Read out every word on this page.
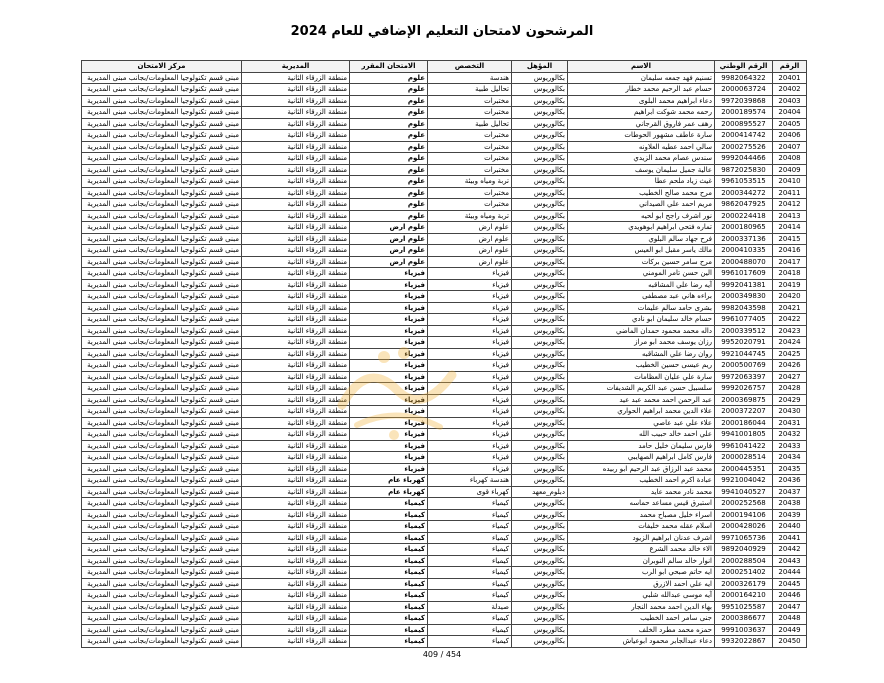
المرشحون لامتحان التعليم الإضافي للعام 2024
الرقم	الرقم الوطني	الاسم	المؤهل	التخصص	الامتحان المقرر	المديرية	مركز الامتحان
20401	9982064322	تسنيم فهد جمعه سليمان	بكالوريوس	هندسة	علوم	منطقة الزرقاء الثانية	مبنى قسم تكنولوجيا المعلومات/بجانب مبنى المديرية
20402	2000063724	حسام عبد الرحيم محمد خطار	بكالوريوس	تحاليل طبية	علوم	منطقة الزرقاء الثانية	مبنى قسم تكنولوجيا المعلومات/بجانب مبنى المديرية
20403	9972039868	دعاء ابراهيم محمد البلوى	بكالوريوس	مختبرات	علوم	منطقة الزرقاء الثانية	مبنى قسم تكنولوجيا المعلومات/بجانب مبنى المديرية
20404	2000189574	رحمه محمد شوكت ابراهيم	بكالوريوس	مختبرات	علوم	منطقة الزرقاء الثانية	مبنى قسم تكنولوجيا المعلومات/بجانب مبنى المديرية
20405	2000895527	رهف عمر فاروق القرجاني	بكالوريوس	تحاليل طبية	علوم	منطقة الزرقاء الثانية	مبنى قسم تكنولوجيا المعلومات/بجانب مبنى المديرية
20406	2000414742	سارة عاطف مشهور الحوطات	بكالوريوس	مختبرات	علوم	منطقة الزرقاء الثانية	مبنى قسم تكنولوجيا المعلومات/بجانب مبنى المديرية
20407	2000275526	سالي احمد عطيه العلاونه	بكالوريوس	مختبرات	علوم	منطقة الزرقاء الثانية	مبنى قسم تكنولوجيا المعلومات/بجانب مبنى المديرية
20408	9992044466	سندس عصام محمد الزيدي	بكالوريوس	مختبرات	علوم	منطقة الزرقاء الثانية	مبنى قسم تكنولوجيا المعلومات/بجانب مبنى المديرية
20409	9872025830	عالية جميل سليمان يوسف	بكالوريوس	مختبرات	علوم	منطقة الزرقاء الثانية	مبنى قسم تكنولوجيا المعلومات/بجانب مبنى المديرية
20410	9961053515	غيث زياد ملحم عطا	بكالوريوس	تربة ومياه وبيئة	علوم	منطقة الزرقاء الثانية	مبنى قسم تكنولوجيا المعلومات/بجانب مبنى المديرية
20411	2000344272	مرح محمد صالح الخطيب	بكالوريوس	مختبرات	علوم	منطقة الزرقاء الثانية	مبنى قسم تكنولوجيا المعلومات/بجانب مبنى المديرية
20412	9862047925	مريم احمد علي الصيداني	بكالوريوس	مختبرات	علوم	منطقة الزرقاء الثانية	مبنى قسم تكنولوجيا المعلومات/بجانب مبنى المديرية
20413	2000224418	نور اشرف راجح ابو لحيه	بكالوريوس	تربة ومياه وبيئة	علوم	منطقة الزرقاء الثانية	مبنى قسم تكنولوجيا المعلومات/بجانب مبنى المديرية
20414	2000180965	تماره فتحي ابراهيم ابوهويدي	بكالوريوس	علوم ارض	علوم ارض	منطقة الزرقاء الثانية	مبنى قسم تكنولوجيا المعلومات/بجانب مبنى المديرية
20415	2000337136	فرح جهاد سالم البلوي	بكالوريوس	علوم ارض	علوم ارض	منطقة الزرقاء الثانية	مبنى قسم تكنولوجيا المعلومات/بجانب مبنى المديرية
20416	2000410335	مالك ياسر مقبل ابو العيس	بكالوريوس	علوم ارض	علوم ارض	منطقة الزرقاء الثانية	مبنى قسم تكنولوجيا المعلومات/بجانب مبنى المديرية
20417	2000488070	مرح سامر حسين بركات	بكالوريوس	علوم ارض	علوم ارض	منطقة الزرقاء الثانية	مبنى قسم تكنولوجيا المعلومات/بجانب مبنى المديرية
20418	9961017609	الين حسن تامر المومني	بكالوريوس	فيزياء	فيزياء	منطقة الزرقاء الثانية	مبنى قسم تكنولوجيا المعلومات/بجانب مبنى المديرية
20419	9992041381	آيه رضا علي المشاقبه	بكالوريوس	فيزياء	فيزياء	منطقة الزرقاء الثانية	مبنى قسم تكنولوجيا المعلومات/بجانب مبنى المديرية
20420	2000349830	براءه هاني عبد مصطفى	بكالوريوس	فيزياء	فيزياء	منطقة الزرقاء الثانية	مبنى قسم تكنولوجيا المعلومات/بجانب مبنى المديرية
20421	9982043598	بشرى حامد سالم عليمات	بكالوريوس	فيزياء	فيزياء	منطقة الزرقاء الثانية	مبنى قسم تكنولوجيا المعلومات/بجانب مبنى المديرية
20422	9961077405	حسام خالد سليمان ابو نادي	بكالوريوس	فيزياء	فيزياء	منطقة الزرقاء الثانية	مبنى قسم تكنولوجيا المعلومات/بجانب مبنى المديرية
20423	2000339512	داله محمد محمود حمدان الماضي	بكالوريوس	فيزياء	فيزياء	منطقة الزرقاء الثانية	مبنى قسم تكنولوجيا المعلومات/بجانب مبنى المديرية
20424	9952020791	رزان يوسف محمد ابو مراز	بكالوريوس	فيزياء	فيزياء	منطقة الزرقاء الثانية	مبنى قسم تكنولوجيا المعلومات/بجانب مبنى المديرية
20425	9921044745	روان رضا علي المشاقبه	بكالوريوس	فيزياء	فيزياء	منطقة الزرقاء الثانية	مبنى قسم تكنولوجيا المعلومات/بجانب مبنى المديرية
20426	2000500769	ريم عيسى حسين الخطيب	بكالوريوس	فيزياء	فيزياء	منطقة الزرقاء الثانية	مبنى قسم تكنولوجيا المعلومات/بجانب مبنى المديرية
20427	9972063397	سارة علي عليان العظامات	بكالوريوس	فيزياء	فيزياء	منطقة الزرقاء الثانية	مبنى قسم تكنولوجيا المعلومات/بجانب مبنى المديرية
20428	9992026757	سلسبيل حسن عبد الكريم الشديفات	بكالوريوس	فيزياء	فيزياء	منطقة الزرقاء الثانية	مبنى قسم تكنولوجيا المعلومات/بجانب مبنى المديرية
20429	2000369875	عبد الرحمن احمد محمد عبد عيد	بكالوريوس	فيزياء	فيزياء	منطقة الزرقاء الثانية	مبنى قسم تكنولوجيا المعلومات/بجانب مبنى المديرية
20430	2000372207	علاء الدين محمد ابراهيم الحواري	بكالوريوس	فيزياء	فيزياء	منطقة الزرقاء الثانية	مبنى قسم تكنولوجيا المعلومات/بجانب مبنى المديرية
20431	2000186044	علاء علي عبد عاصي	بكالوريوس	فيزياء	فيزياء	منطقة الزرقاء الثانية	مبنى قسم تكنولوجيا المعلومات/بجانب مبنى المديرية
20432	9941001805	علي احمد خالد حبيب الله	بكالوريوس	فيزياء	فيزياء	منطقة الزرقاء الثانية	مبنى قسم تكنولوجيا المعلومات/بجانب مبنى المديرية
20433	9961041422	فارس سليمان خليل حامد	بكالوريوس	فيزياء	فيزياء	منطقة الزرقاء الثانية	مبنى قسم تكنولوجيا المعلومات/بجانب مبنى المديرية
20434	2000028514	فارس كامل ابراهيم الصهايبي	بكالوريوس	فيزياء	فيزياء	منطقة الزرقاء الثانية	مبنى قسم تكنولوجيا المعلومات/بجانب مبنى المديرية
20435	2000445351	محمد عبد الرزاق عبد الرحيم ابو ربيده	بكالوريوس	فيزياء	فيزياء	منطقة الزرقاء الثانية	مبنى قسم تكنولوجيا المعلومات/بجانب مبنى المديرية
20436	9921004042	عبادة اكرم احمد الخطيب	بكالوريوس	هندسة كهرباء	كهرباء عام	منطقة الزرقاء الثانية	مبنى قسم تكنولوجيا المعلومات/بجانب مبنى المديرية
20437	9941040527	محمد نادر محمد عايد	دبلوم_معهد	كهرباء قوى	كهرباء عام	منطقة الزرقاء الثانية	مبنى قسم تكنولوجيا المعلومات/بجانب مبنى المديرية
20438	2000252568	استبرق قيس مساعد حماسه	بكالوريوس	كيمياء	كيمياء	منطقة الزرقاء الثانية	مبنى قسم تكنولوجيا المعلومات/بجانب مبنى المديرية
20439	2000194106	اسراء خليل مصباح محمد	بكالوريوس	كيمياء	كيمياء	منطقة الزرقاء الثانية	مبنى قسم تكنولوجيا المعلومات/بجانب مبنى المديرية
20440	2000428026	اسلام عقله محمد خليفات	بكالوريوس	كيمياء	كيمياء	منطقة الزرقاء الثانية	مبنى قسم تكنولوجيا المعلومات/بجانب مبنى المديرية
20441	9971065736	اشرف عدنان ابراهيم الزيود	بكالوريوس	كيمياء	كيمياء	منطقة الزرقاء الثانية	مبنى قسم تكنولوجيا المعلومات/بجانب مبنى المديرية
20442	9892040929	الاء خالد محمد الشرع	بكالوريوس	كيمياء	كيمياء	منطقة الزرقاء الثانية	مبنى قسم تكنولوجيا المعلومات/بجانب مبنى المديرية
20443	2000288504	انوار خالد سالم النوبران	بكالوريوس	كيمياء	كيمياء	منطقة الزرقاء الثانية	مبنى قسم تكنولوجيا المعلومات/بجانب مبنى المديرية
20444	2000251402	ايه حاتم صبحي ابو الرب	بكالوريوس	كيمياء	كيمياء	منطقة الزرقاء الثانية	مبنى قسم تكنولوجيا المعلومات/بجانب مبنى المديرية
20445	2000326179	ايه علي احمد الازرق	بكالوريوس	كيمياء	كيمياء	منطقة الزرقاء الثانية	مبنى قسم تكنولوجيا المعلومات/بجانب مبنى المديرية
20446	2000164210	آيه موسى عبدالله شلبي	بكالوريوس	كيمياء	كيمياء	منطقة الزرقاء الثانية	مبنى قسم تكنولوجيا المعلومات/بجانب مبنى المديرية
20447	9951025587	بهاء الدين احمد محمد النجار	بكالوريوس	صيدلة	كيمياء	منطقة الزرقاء الثانية	مبنى قسم تكنولوجيا المعلومات/بجانب مبنى المديرية
20448	2000386677	جنى سامر احمد الخطيب	بكالوريوس	كيمياء	كيمياء	منطقة الزرقاء الثانية	مبنى قسم تكنولوجيا المعلومات/بجانب مبنى المديرية
20449	9991003637	حمزه محمد مطرد الخلف	بكالوريوس	كيمياء	كيمياء	منطقة الزرقاء الثانية	مبنى قسم تكنولوجيا المعلومات/بجانب مبنى المديرية
20450	9932022867	دعاء عبدالجابر محمود ابوعياش	بكالوريوس	كيمياء	كيمياء	منطقة الزرقاء الثانية	مبنى قسم تكنولوجيا المعلومات/بجانب مبنى المديرية
409 / 454
